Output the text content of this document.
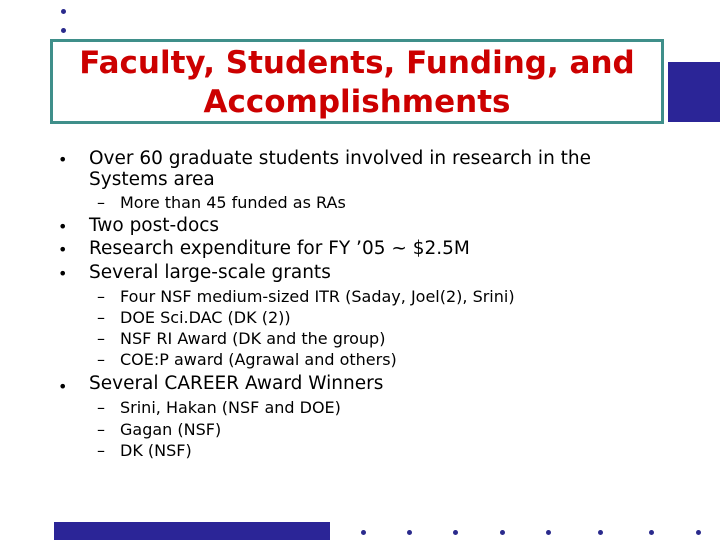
Faculty, Students, Funding, and
Accomplishments
• Over 60 graduate students involved in research in the
Systems area
– More than 45 funded as RAs
• Two post-docs
• Research expenditure for FY ’05 ~ $2.5M
• Several large-scale grants
– Four NSF medium-sized ITR (Saday, Joel(2), Srini)
– DOE Sci.DAC (DK (2))
– NSF RI Award (DK and the group)
– COE:P award (Agrawal and others)
• Several CAREER Award Winners
– Srini, Hakan (NSF and DOE)
– Gagan (NSF)
– DK (NSF)
